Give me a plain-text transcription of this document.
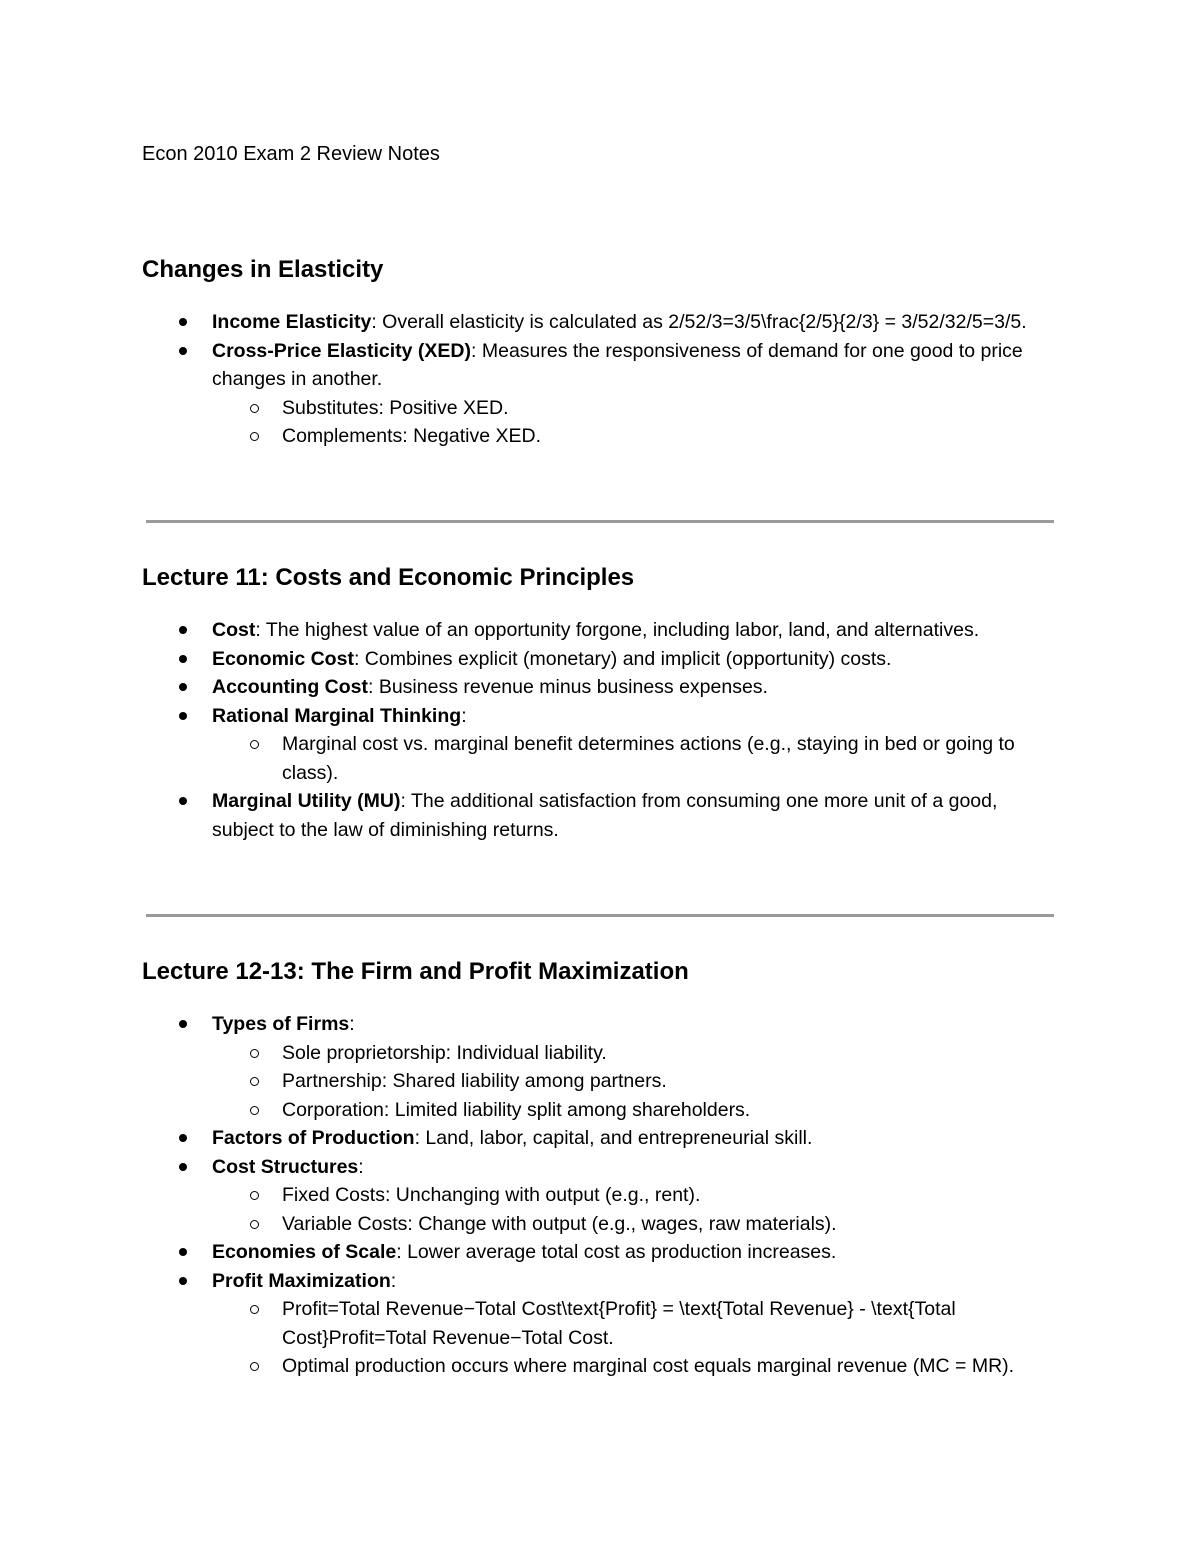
Econ 2010 Exam 2 Review Notes
Changes in Elasticity
Income Elasticity: Overall elasticity is calculated as 2/52/3=3/5\frac{2/5}{2/3} = 3/52/32/5=3/5.
Cross-Price Elasticity (XED): Measures the responsiveness of demand for one good to price changes in another.
Substitutes: Positive XED.
Complements: Negative XED.
Lecture 11: Costs and Economic Principles
Cost: The highest value of an opportunity forgone, including labor, land, and alternatives.
Economic Cost: Combines explicit (monetary) and implicit (opportunity) costs.
Accounting Cost: Business revenue minus business expenses.
Rational Marginal Thinking:
Marginal cost vs. marginal benefit determines actions (e.g., staying in bed or going to class).
Marginal Utility (MU): The additional satisfaction from consuming one more unit of a good, subject to the law of diminishing returns.
Lecture 12-13: The Firm and Profit Maximization
Types of Firms:
Sole proprietorship: Individual liability.
Partnership: Shared liability among partners.
Corporation: Limited liability split among shareholders.
Factors of Production: Land, labor, capital, and entrepreneurial skill.
Cost Structures:
Fixed Costs: Unchanging with output (e.g., rent).
Variable Costs: Change with output (e.g., wages, raw materials).
Economies of Scale: Lower average total cost as production increases.
Profit Maximization:
Profit=Total Revenue−Total Cost\text{Profit} = \text{Total Revenue} - \text{Total Cost}Profit=Total Revenue−Total Cost.
Optimal production occurs where marginal cost equals marginal revenue (MC = MR).
